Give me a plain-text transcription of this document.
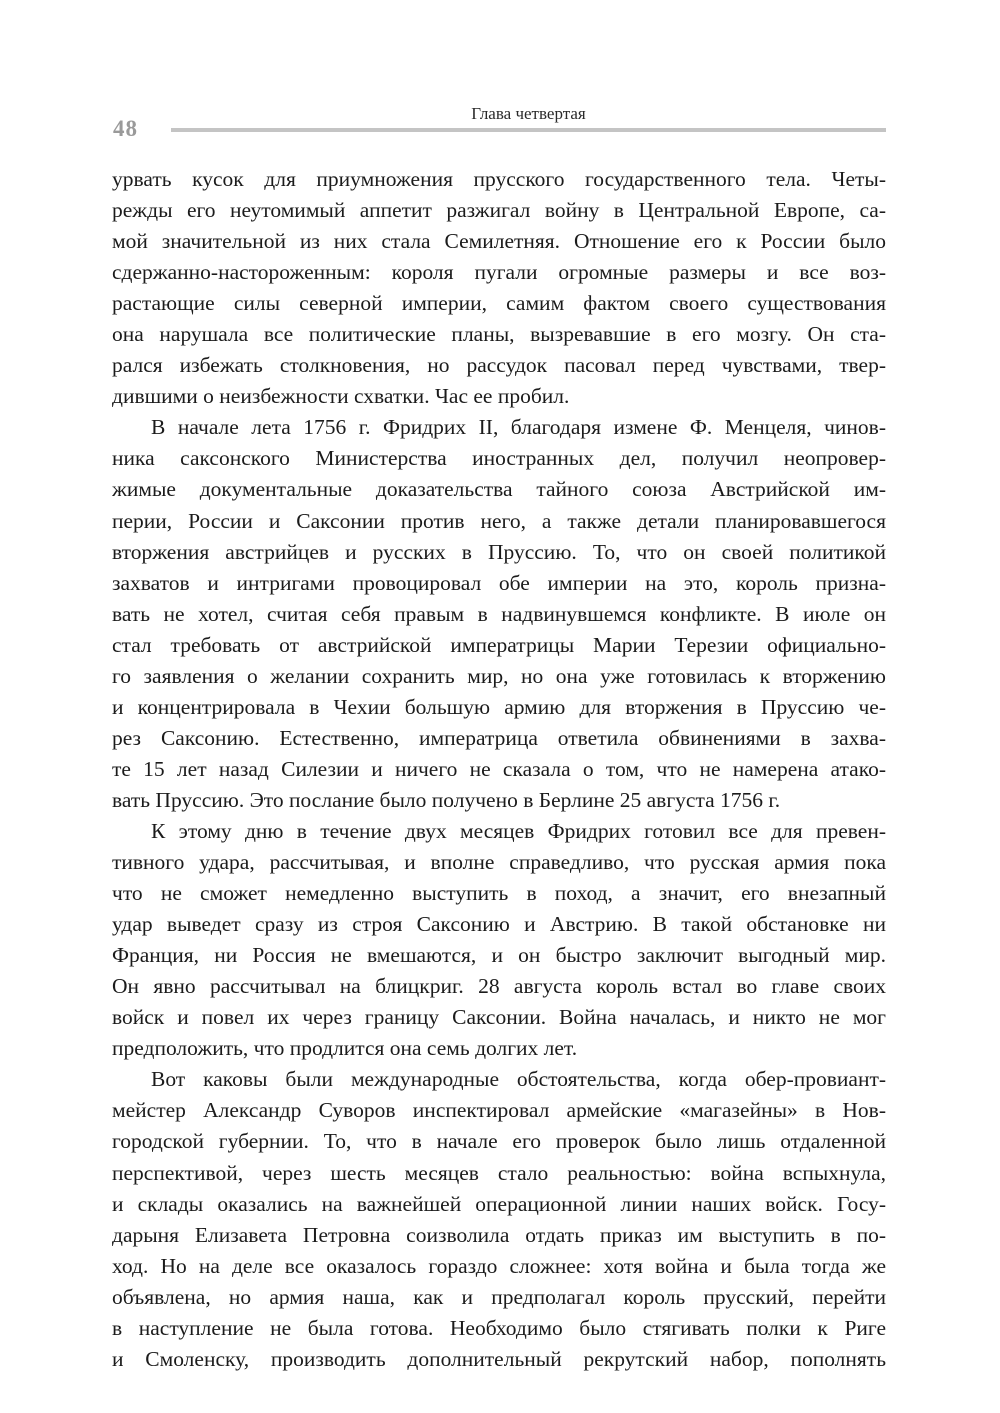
48
Глава четвертая
урвать кусок для приумножения прусского государственного тела. Четы-
режды его неутомимый аппетит разжигал войну в Центральной Европе, са-
мой значительной из них стала Семилетняя. Отношение его к России было
сдержанно-настороженным: короля пугали огромные размеры и все воз-
растающие силы северной империи, самим фактом своего существования
она нарушала все политические планы, вызревавшие в его мозгу. Он ста-
рался избежать столкновения, но рассудок пасовал перед чувствами, твер-
дившими о неизбежности схватки. Час ее пробил.
В начале лета 1756 г. Фридрих II, благодаря измене Ф. Менцеля, чинов-
ника саксонского Министерства иностранных дел, получил неопровер-
жимые документальные доказательства тайного союза Австрийской им-
перии, России и Саксонии против него, а также детали планировавшегося
вторжения австрийцев и русских в Пруссию. То, что он своей политикой
захватов и интригами провоцировал обе империи на это, король призна-
вать не хотел, считая себя правым в надвинувшемся конфликте. В июле он
стал требовать от австрийской императрицы Марии Терезии официально-
го заявления о желании сохранить мир, но она уже готовилась к вторжению
и концентрировала в Чехии большую армию для вторжения в Пруссию че-
рез Саксонию. Естественно, императрица ответила обвинениями в захва-
те 15 лет назад Силезии и ничего не сказала о том, что не намерена атако-
вать Пруссию. Это послание было получено в Берлине 25 августа 1756 г.
К этому дню в течение двух месяцев Фридрих готовил все для превен-
тивного удара, рассчитывая, и вполне справедливо, что русская армия пока
что не сможет немедленно выступить в поход, а значит, его внезапный
удар выведет сразу из строя Саксонию и Австрию. В такой обстановке ни
Франция, ни Россия не вмешаются, и он быстро заключит выгодный мир.
Он явно рассчитывал на блицкриг. 28 августа король встал во главе своих
войск и повел их через границу Саксонии. Война началась, и никто не мог
предположить, что продлится она семь долгих лет.
Вот каковы были международные обстоятельства, когда обер-провиант-
мейстер Александр Суворов инспектировал армейские «магазейны» в Нов-
городской губернии. То, что в начале его проверок было лишь отдаленной
перспективой, через шесть месяцев стало реальностью: война вспыхнула,
и склады оказались на важнейшей операционной линии наших войск. Госу-
дарыня Елизавета Петровна соизволила отдать приказ им выступить в по-
ход. Но на деле все оказалось гораздо сложнее: хотя война и была тогда же
объявлена, но армия наша, как и предполагал король прусский, перейти
в наступление не была готова. Необходимо было стягивать полки к Риге
и Смоленску, производить дополнительный рекрутский набор, пополнять
